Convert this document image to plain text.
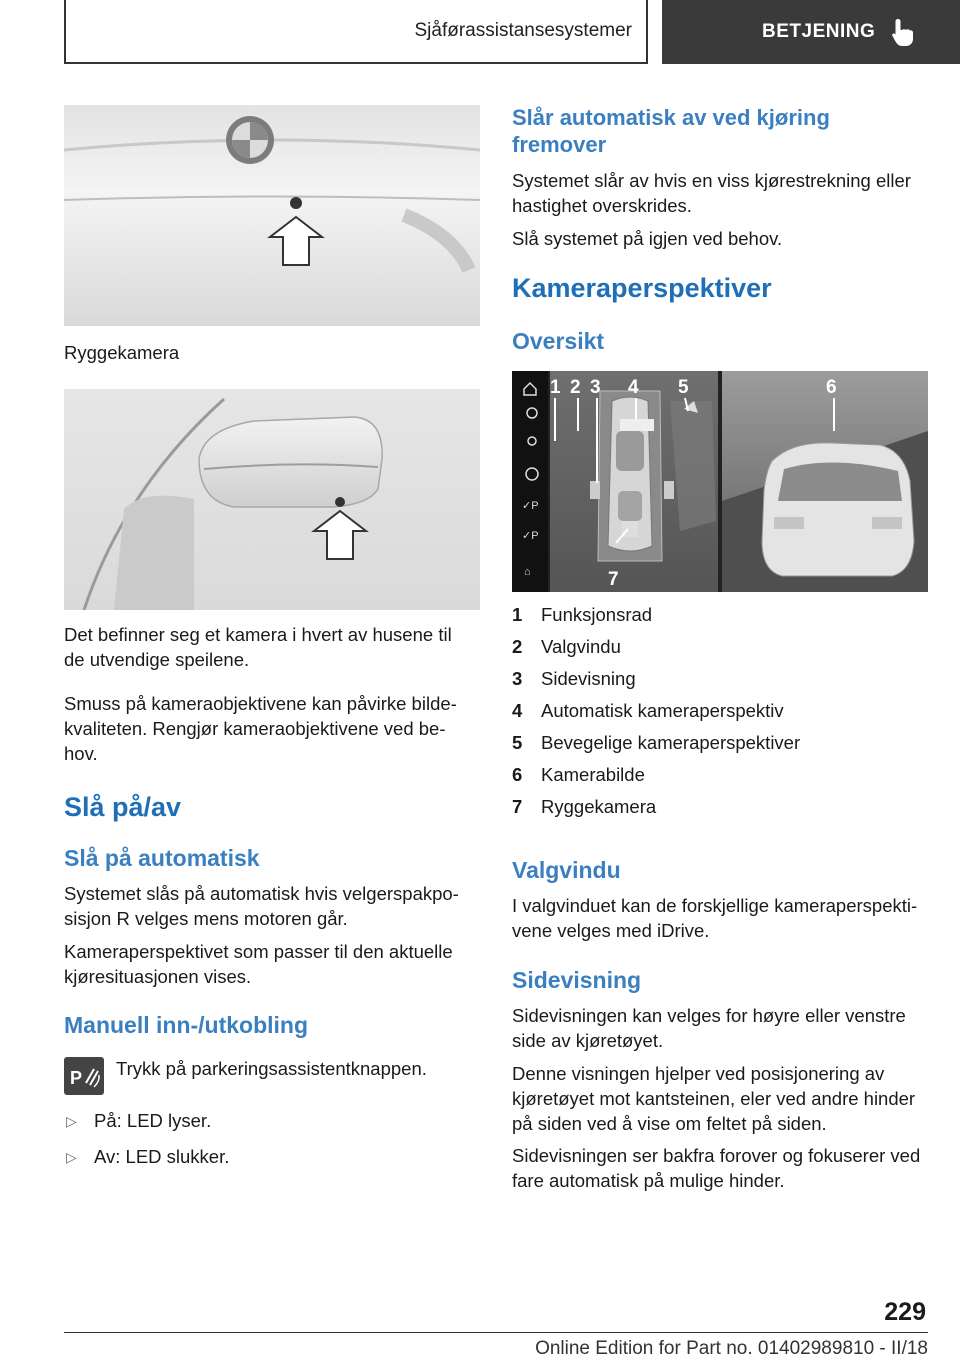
Sjåførassistansesystemer	BETJENING

Ryggekamera

Det befinner seg et kamera i hvert av husene til de utvendige speilene.

Smuss på kameraobjektivene kan påvirke bilde-kvaliteten. Rengjør kameraobjektivene ved be-hov.

Slå på/av
Slå på automatisk

Systemet slås på automatisk hvis velgerspakpo-sisjon R velges mens motoren går.

Kameraperspektivet som passer til den aktuelle kjøresituasjonen vises.

Manuell inn-/utkobling
P Trykk på parkeringsassistentknappen.

▷ På: LED lyser.
▷ Av: LED slukker.
Slår automatisk av ved kjøring fremover

Systemet slår av hvis en viss kjørestrekning eller hastighet overskrides.

Slå systemet på igjen ved behov.

Kameraperspektiver
Oversikt
✓P
✓P
⌂
1 2 3 4 5	6
7
1 Funksjonsrad
2 Valgvindu
3 Sidevisning
4 Automatisk kameraperspektiv
5 Bevegelige kameraperspektiver
6 Kamerabilde
7 Ryggekamera
Valgvindu

I valgvinduet kan de forskjellige kameraperspekti-vene velges med iDrive.

Sidevisning

Sidevisningen kan velges for høyre eller venstre side av kjøretøyet.

Denne visningen hjelper ved posisjonering av kjøretøyet mot kantsteinen, eler ved andre hinder på siden ved å vise om feltet på siden.

Sidevisningen ser bakfra forover og fokuserer ved fare automatisk på mulige hinder.

229
Online Edition for Part no. 01402989810 - II/18
